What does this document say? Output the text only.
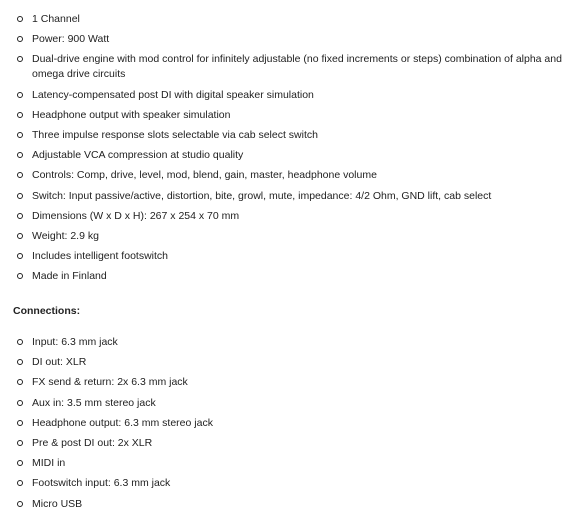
1 Channel
Power: 900 Watt
Dual-drive engine with mod control for infinitely adjustable (no fixed increments or steps) combination of alpha and omega drive circuits
Latency-compensated post DI with digital speaker simulation
Headphone output with speaker simulation
Three impulse response slots selectable via cab select switch
Adjustable VCA compression at studio quality
Controls: Comp, drive, level, mod, blend, gain, master, headphone volume
Switch: Input passive/active, distortion, bite, growl, mute, impedance: 4/2 Ohm, GND lift, cab select
Dimensions (W x D x H): 267 x 254 x 70 mm
Weight: 2.9 kg
Includes intelligent footswitch
Made in Finland
Connections:
Input: 6.3 mm jack
DI out: XLR
FX send & return: 2x 6.3 mm jack
Aux in: 3.5 mm stereo jack
Headphone output: 6.3 mm stereo jack
Pre & post DI out: 2x XLR
MIDI in
Footswitch input: 6.3 mm jack
Micro USB
